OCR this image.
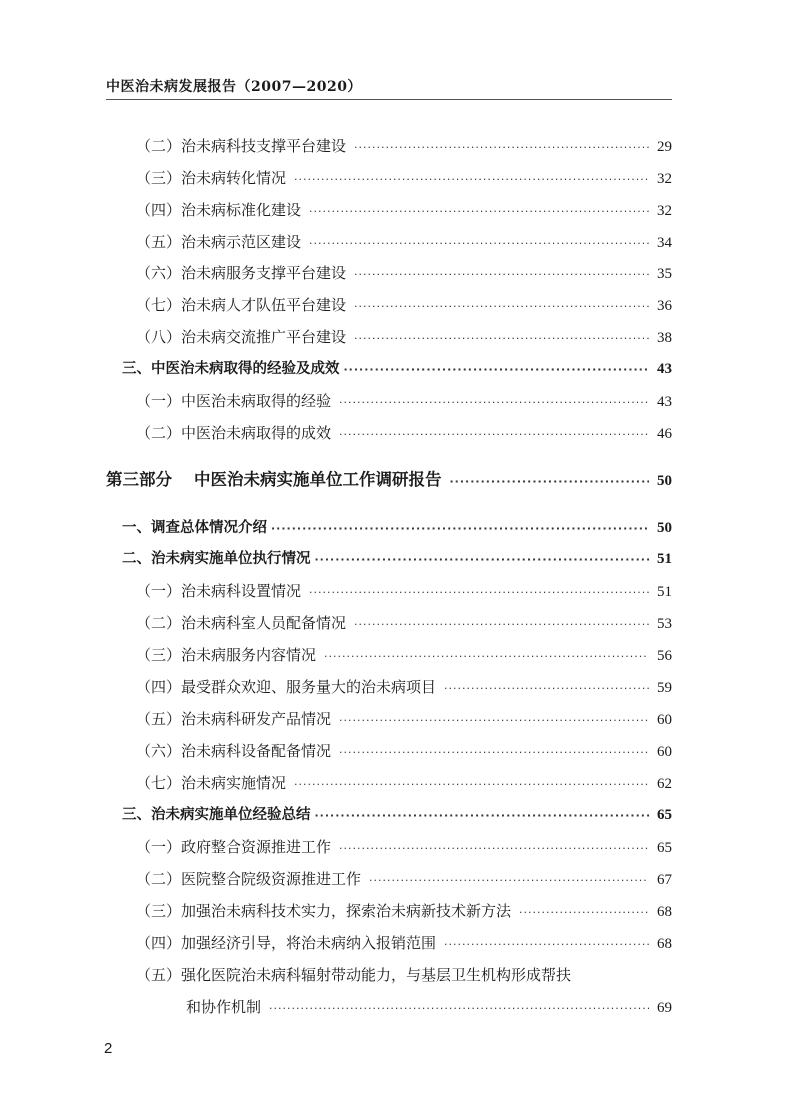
中医治未病发展报告（2007—2020）
（二）治未病科技支撑平台建设 ·····	29
（三）治未病转化情况 ·····	32
（四）治未病标准化建设 ·····	32
（五）治未病示范区建设 ·····	34
（六）治未病服务支撑平台建设 ·····	35
（七）治未病人才队伍平台建设 ·····	36
（八）治未病交流推广平台建设 ·····	38
三、中医治未病取得的经验及成效 ·····	43
（一）中医治未病取得的经验 ·····	43
（二）中医治未病取得的成效 ·····	46
第三部分 中医治未病实施单位工作调研报告 ·····	50
一、调查总体情况介绍 ·····	50
二、治未病实施单位执行情况 ·····	51
（一）治未病科设置情况 ·····	51
（二）治未病科室人员配备情况 ·····	53
（三）治未病服务内容情况 ·····	56
（四）最受群众欢迎、服务量大的治未病项目 ·····	59
（五）治未病科研发产品情况 ·····	60
（六）治未病科设备配备情况 ·····	60
（七）治未病实施情况 ·····	62
三、治未病实施单位经验总结 ·····	65
（一）政府整合资源推进工作 ·····	65
（二）医院整合院级资源推进工作 ·····	67
（三）加强治未病科技术实力，探索治未病新技术新方法 ·····	68
（四）加强经济引导，将治未病纳入报销范围 ·····	68
（五）强化医院治未病科辐射带动能力，与基层卫生机构形成帮扶
和协作机制 ·····	69
2
